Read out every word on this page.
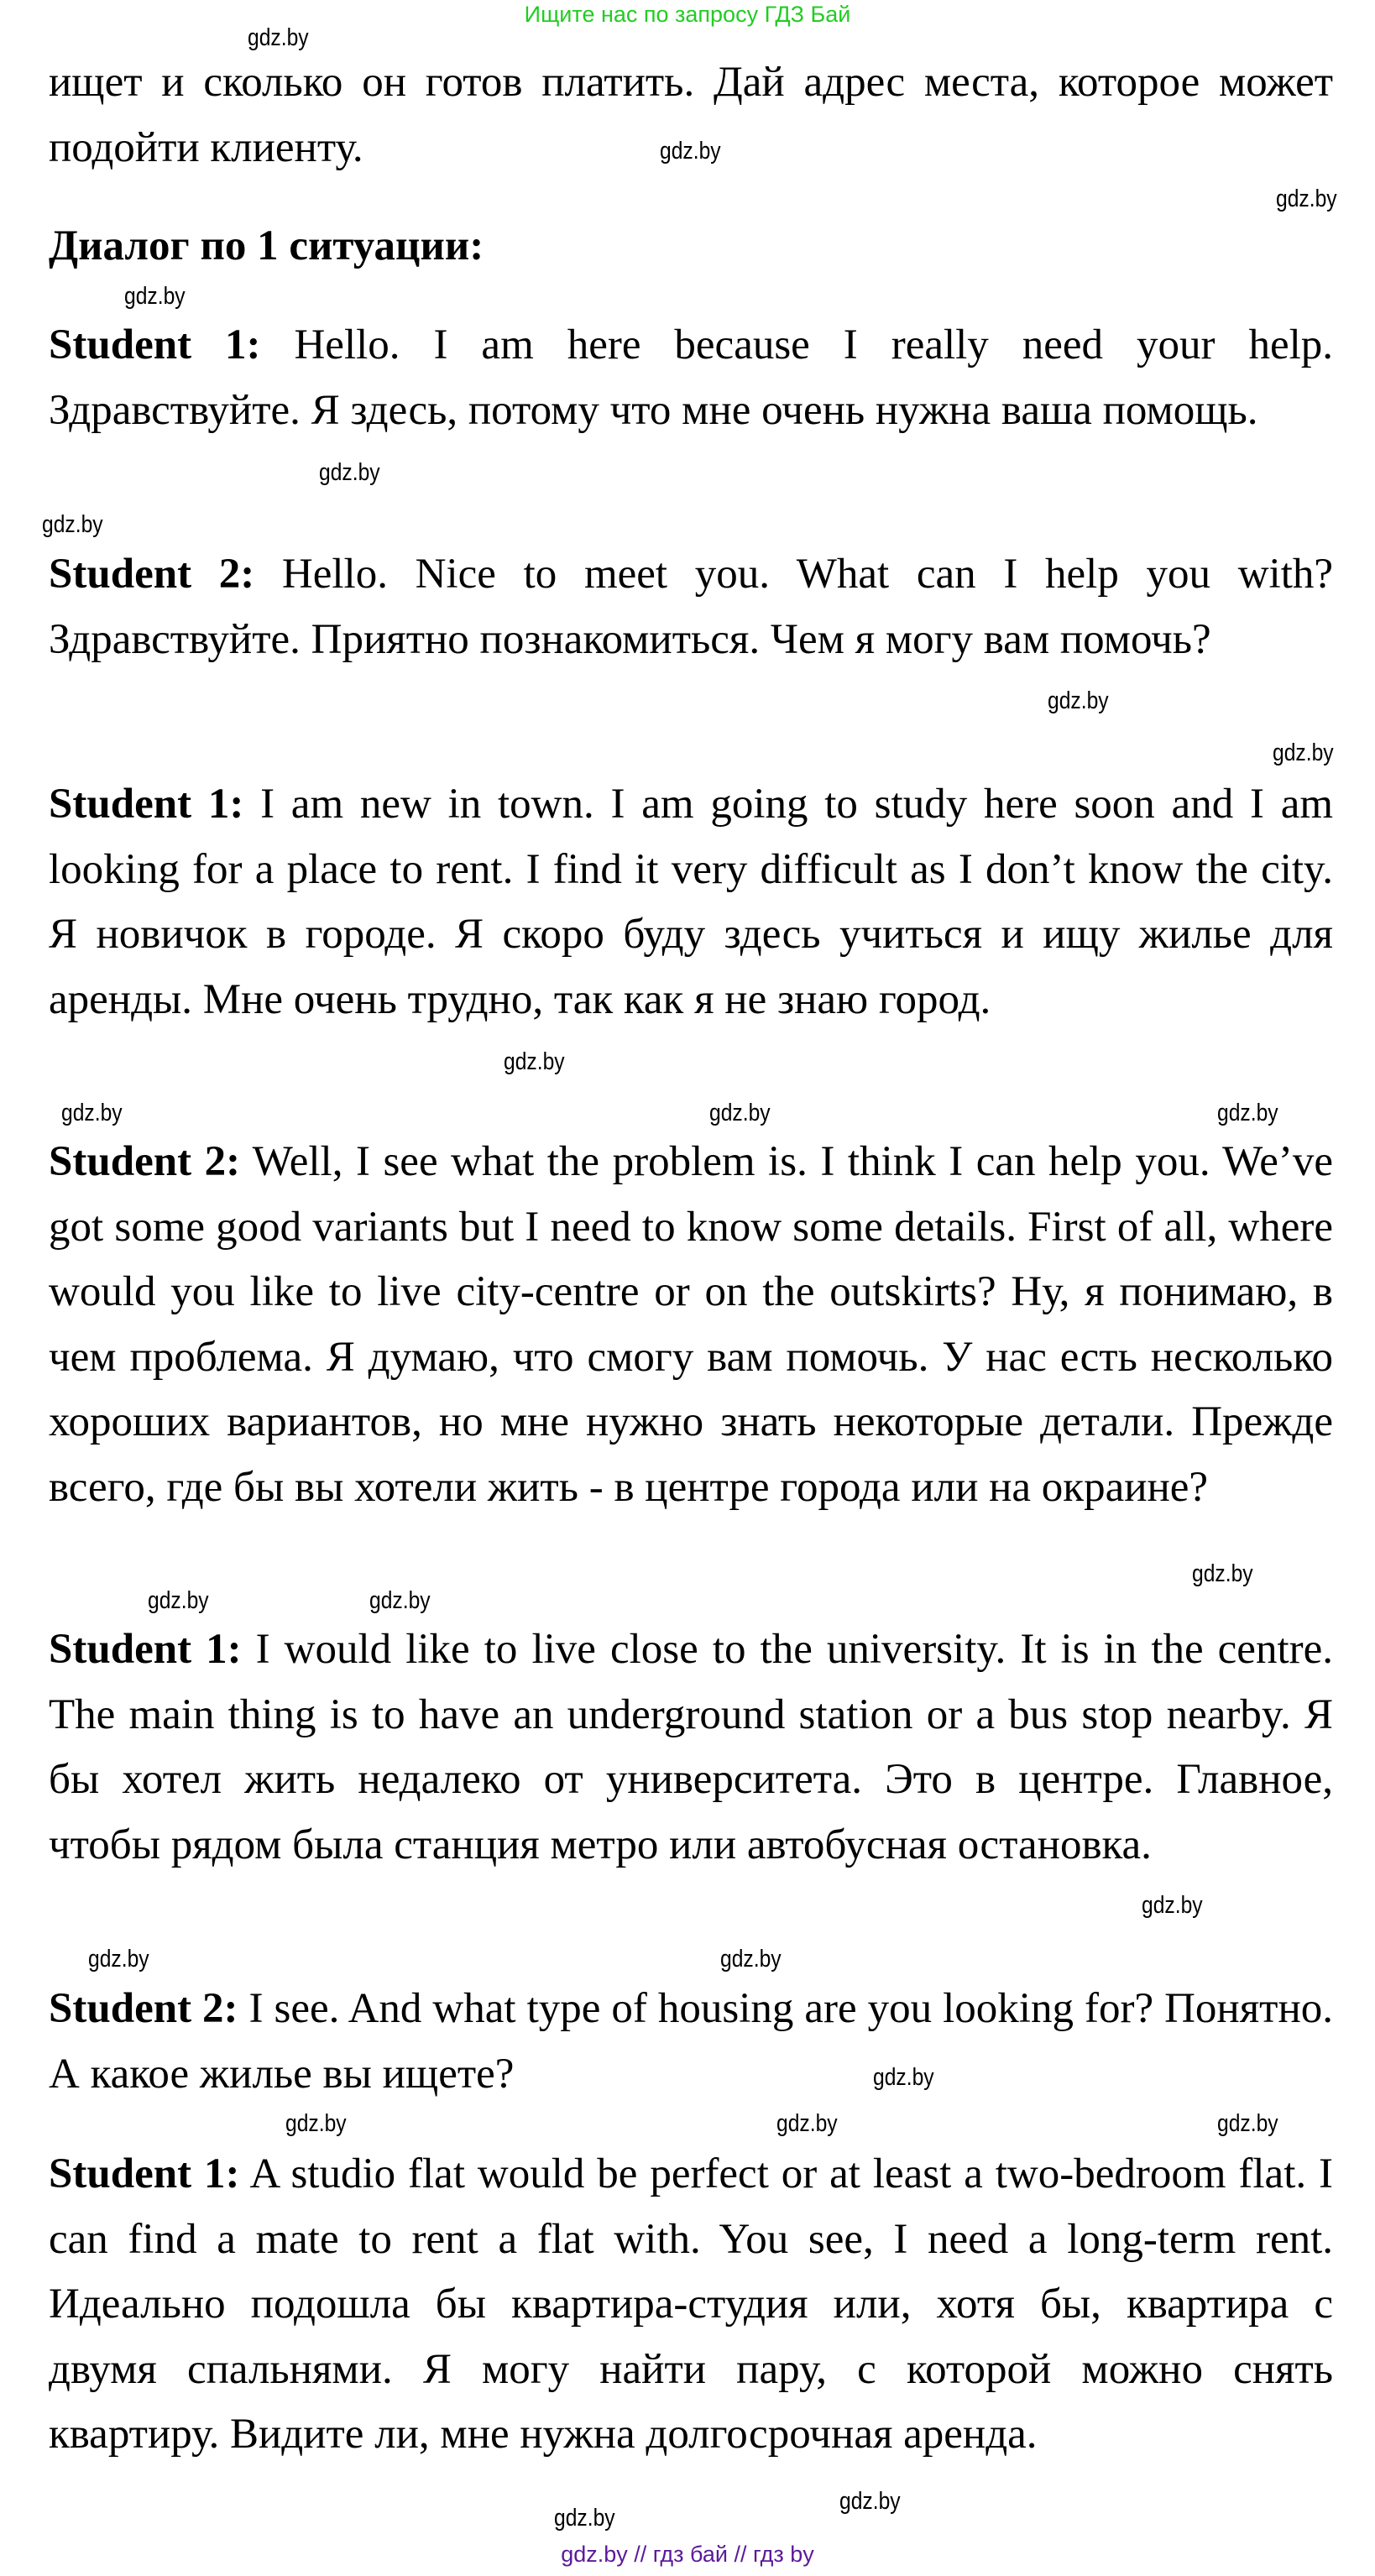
Ищите нас по запросу ГДЗ Бай
ищет и сколько он готов платить. Дай адрес места, которое может подойти клиенту.
Диалог по 1 ситуации:
Student 1: Hello. I am here because I really need your help. Здравствуйте. Я здесь, потому что мне очень нужна ваша помощь.
Student 2: Hello. Nice to meet you. What can I help you with? Здравствуйте. Приятно познакомиться. Чем я могу вам помочь?
Student 1: I am new in town. I am going to study here soon and I am looking for a place to rent. I find it very difficult as I don’t know the city. Я новичок в городе. Я скоро буду здесь учиться и ищу жилье для аренды. Мне очень трудно, так как я не знаю город.
Student 2: Well, I see what the problem is. I think I can help you. We’ve got some good variants but I need to know some details. First of all, where would you like to live city-centre or on the outskirts? Ну, я понимаю, в чем проблема. Я думаю, что смогу вам помочь. У нас есть несколько хороших вариантов, но мне нужно знать некоторые детали. Прежде всего, где бы вы хотели жить - в центре города или на окраине?
Student 1: I would like to live close to the university. It is in the centre. The main thing is to have an underground station or a bus stop nearby. Я бы хотел жить недалеко от университета. Это в центре. Главное, чтобы рядом была станция метро или автобусная остановка.
Student 2: I see. And what type of housing are you looking for? Понятно. А какое жилье вы ищете?
Student 1: A studio flat would be perfect or at least a two-bedroom flat. I can find a mate to rent a flat with. You see, I need a long-term rent. Идеально подошла бы квартира-студия или, хотя бы, квартира с двумя спальнями. Я могу найти пару, с которой можно снять квартиру. Видите ли, мне нужна долгосрочная аренда.
gdz.by
gdz.by
gdz.by
gdz.by
gdz.by
gdz.by
gdz.by
gdz.by
gdz.by
gdz.by
gdz.by	gdz.by
gdz.by
gdz.by
gdz.by
gdz.by
gdz.by
gdz.by
gdz.by
gdz.by	gdz.by
gdz.by
gdz.by
gdz.by
gdz.by // гдз бай // гдз by
